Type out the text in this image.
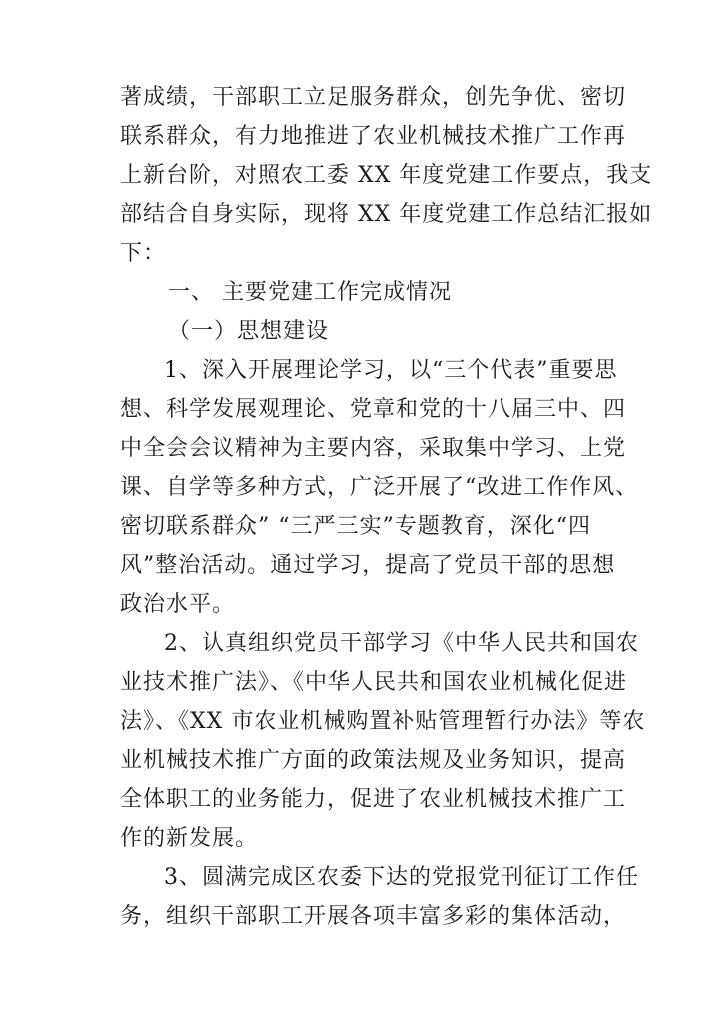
著成绩，干部职工立足服务群众，创先争优、密切
联系群众，有力地推进了农业机械技术推广工作再
上新台阶，对照农工委 XX 年度党建工作要点，我支
部结合自身实际，现将 XX 年度党建工作总结汇报如
下：
一、 主要党建工作完成情况
（一）思想建设
1、深入开展理论学习，以“三个代表”重要思
想、科学发展观理论、党章和党的十八届三中、四
中全会会议精神为主要内容，采取集中学习、上党
课、自学等多种方式，广泛开展了“改进工作作风、
密切联系群众” “三严三实”专题教育，深化“四
风”整治活动。通过学习，提高了党员干部的思想
政治水平。
2、认真组织党员干部学习《中华人民共和国农
业技术推广法》、《中华人民共和国农业机械化促进
法》、《XX 市农业机械购置补贴管理暂行办法》等农
业机械技术推广方面的政策法规及业务知识，提高
全体职工的业务能力，促进了农业机械技术推广工
作的新发展。
3、圆满完成区农委下达的党报党刊征订工作任
务，组织干部职工开展各项丰富多彩的集体活动，
